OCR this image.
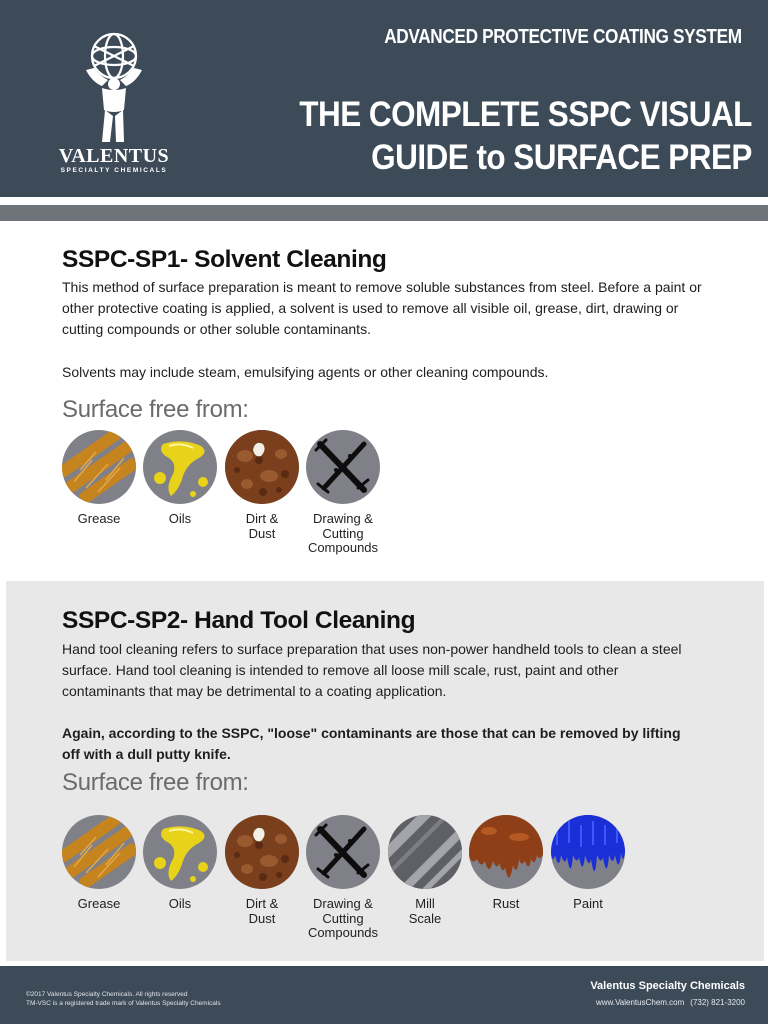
VALENTUS
SPECIALTY CHEMICALS
ADVANCED PROTECTIVE COATING SYSTEM
THE COMPLETE SSPC VISUAL
GUIDE to SURFACE PREP
SSPC-SP1- Solvent Cleaning

This method of surface preparation is meant to remove soluble substances from steel. Before a paint or other protective coating is applied, a solvent is used to remove all visible oil, grease, dirt, drawing or cutting compounds or other soluble contaminants.

Solvents may include steam, emulsifying agents or other cleaning compounds.

Surface free from:
Grease	Oils	Dirt &
Dust
Drawing &
Cutting
Compounds
SSPC-SP2- Hand Tool Cleaning

Hand tool cleaning refers to surface preparation that uses non-power handheld tools to clean a steel surface. Hand tool cleaning is intended to remove all loose mill scale, rust, paint and other contaminants that may be detrimental to a coating application.

Again, according to the SSPC, "loose" contaminants are those that can be removed by lifting off with a dull putty knife.

Surface free from:
Grease	Oils	Dirt &
Dust
Drawing &
Cutting
Compounds
Mill
Scale
Rust	Paint
©2017 Valentus Specialty Chemicals. All rights reserved
TM-VSC is a registered trade mark of Valentus Specialty Chemicals
Valentus Specialty Chemicals
www.ValentusChem.com (732) 821-3200
